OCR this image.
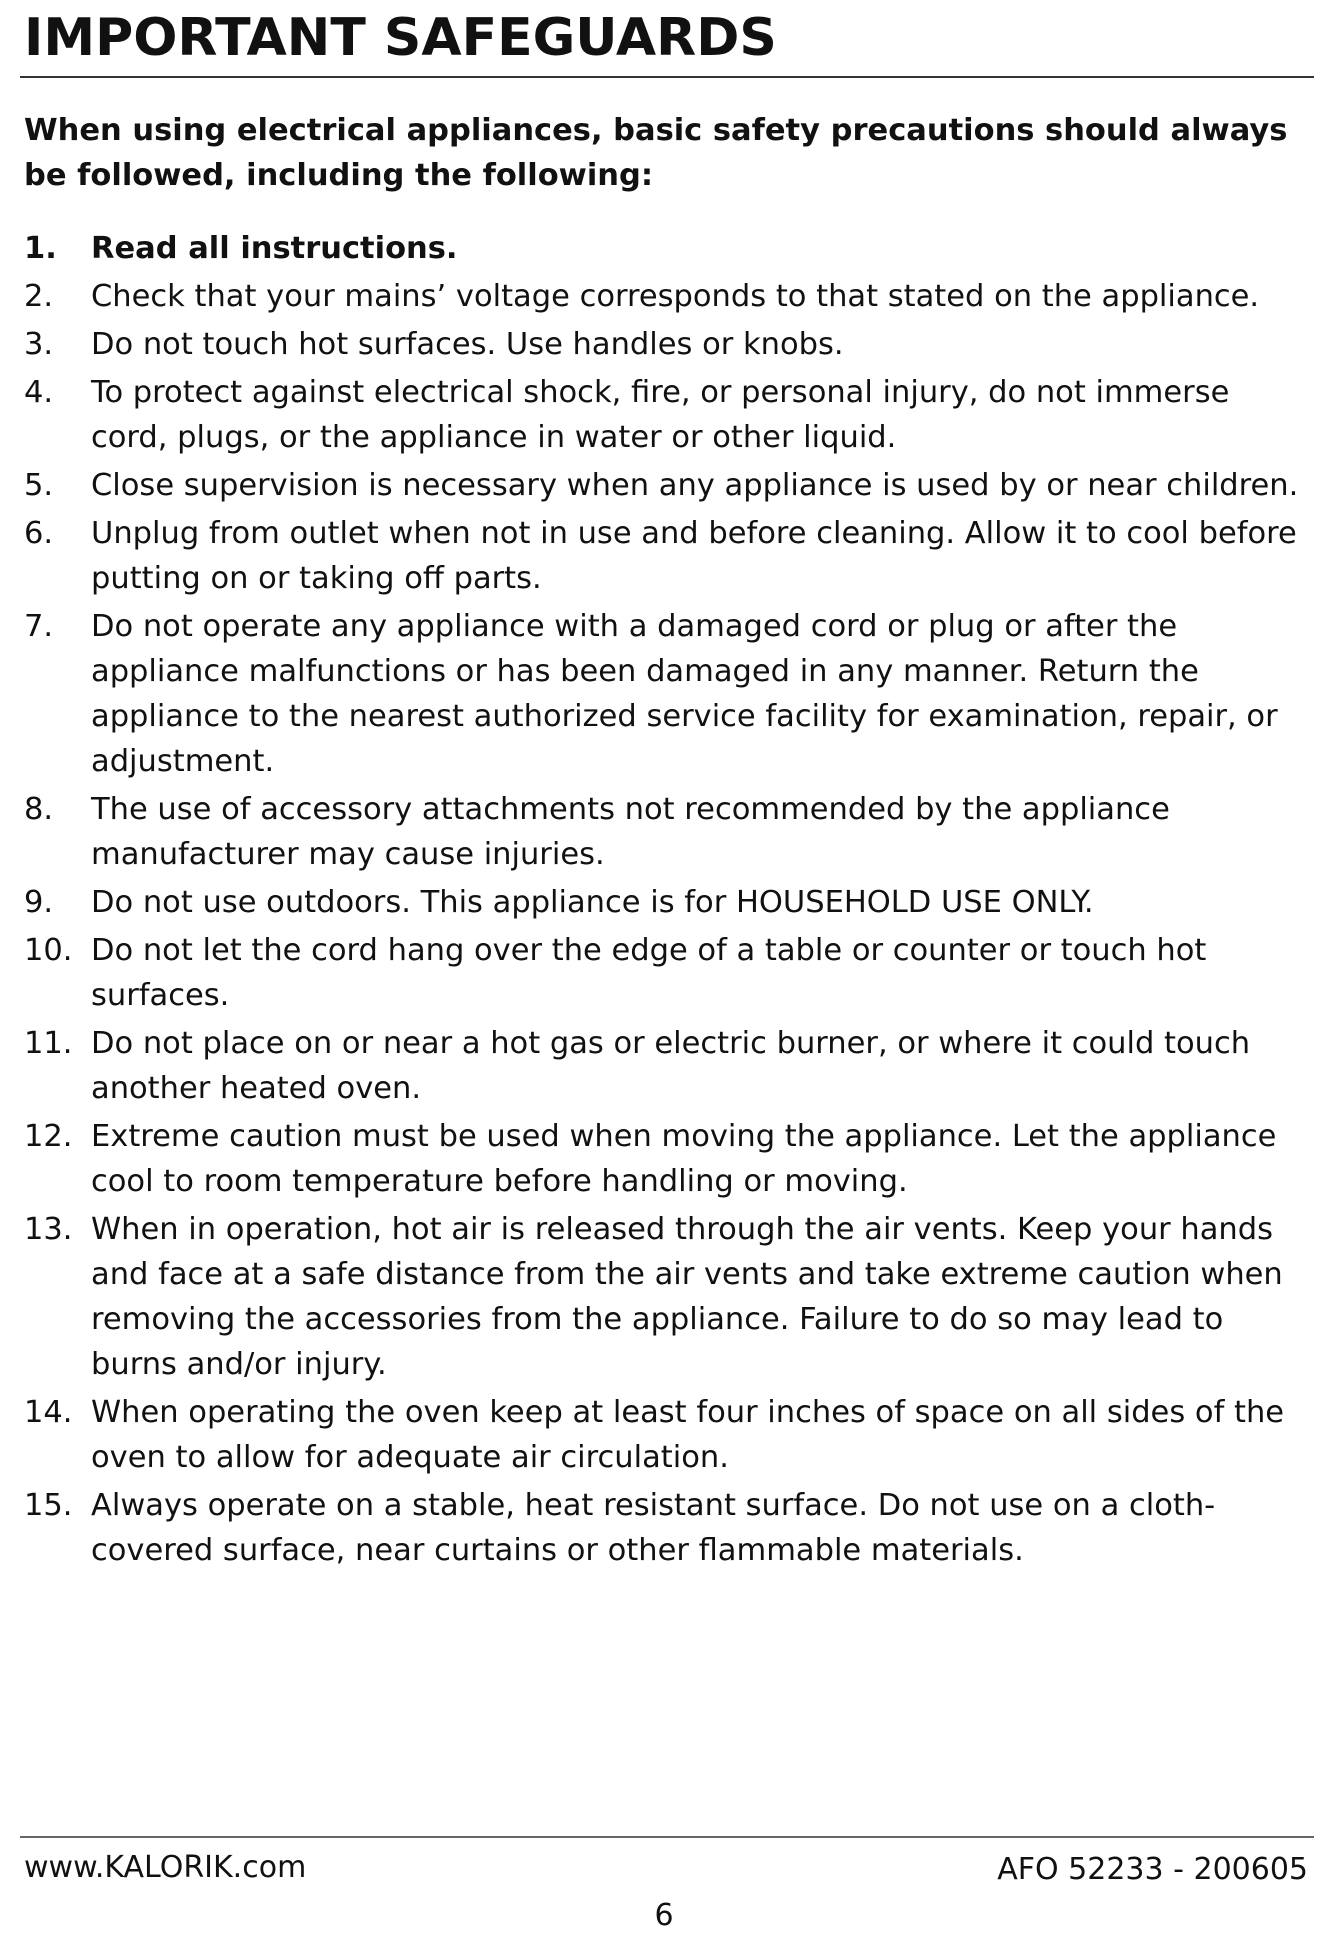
IMPORTANT SAFEGUARDS

When using electrical appliances, basic safety precautions should always be followed, including the following:

1. Read all instructions.
2. Check that your mains’ voltage corresponds to that stated on the appliance.
3. Do not touch hot surfaces. Use handles or knobs.
4. To protect against electrical shock, fire, or personal injury, do not immerse cord, plugs, or the appliance in water or other liquid.
5. Close supervision is necessary when any appliance is used by or near children.
6. Unplug from outlet when not in use and before cleaning. Allow it to cool before putting on or taking off parts.
7. Do not operate any appliance with a damaged cord or plug or after the appliance malfunctions or has been damaged in any manner. Return the appliance to the nearest authorized service facility for examination, repair, or adjustment.
8. The use of accessory attachments not recommended by the appliance manufacturer may cause injuries.
9. Do not use outdoors. This appliance is for HOUSEHOLD USE ONLY.
10. Do not let the cord hang over the edge of a table or counter or touch hot surfaces.
11. Do not place on or near a hot gas or electric burner, or where it could touch another heated oven.
12. Extreme caution must be used when moving the appliance. Let the appliance cool to room temperature before handling or moving.
13. When in operation, hot air is released through the air vents. Keep your hands and face at a safe distance from the air vents and take extreme caution when removing the accessories from the appliance. Failure to do so may lead to burns and/or injury.
14. When operating the oven keep at least four inches of space on all sides of the oven to allow for adequate air circulation.
15. Always operate on a stable, heat resistant surface. Do not use on a cloth-covered surface, near curtains or other flammable materials.
www.KALORIK.com	AFO 52233 - 200605
6
